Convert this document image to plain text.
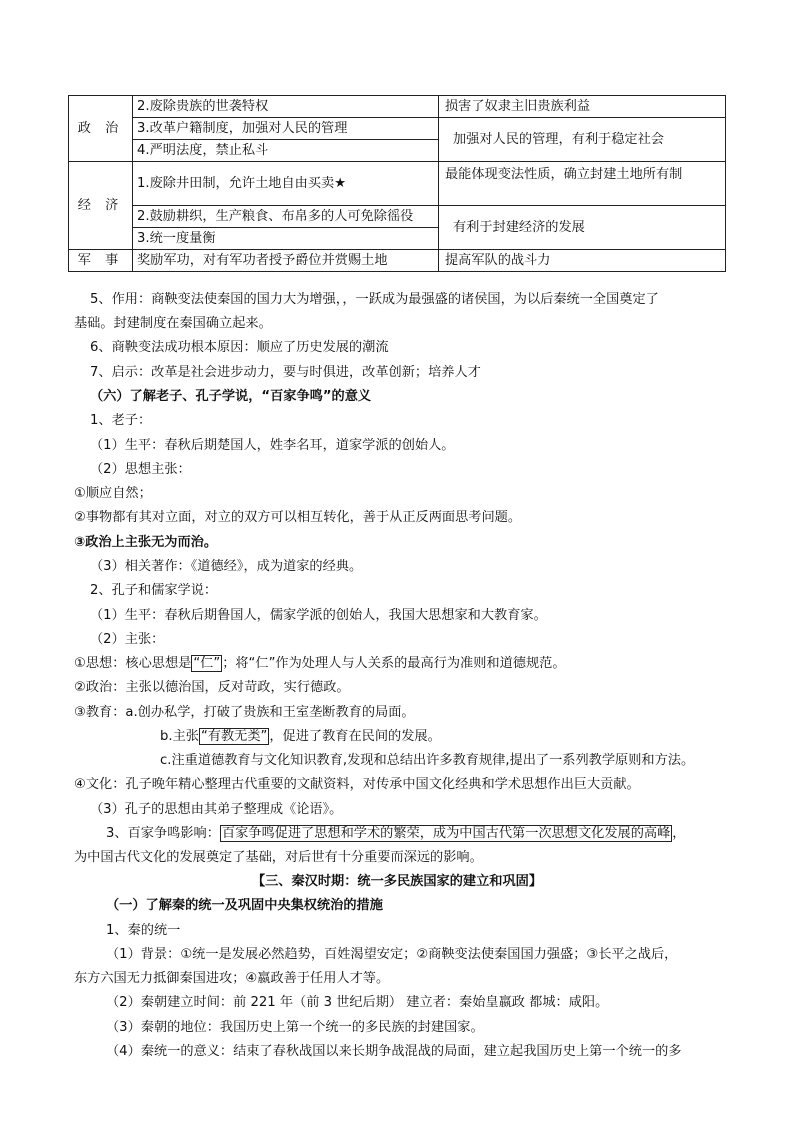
政 治	2.废除贵族的世袭特权	损害了奴隶主旧贵族利益
	3.改革户籍制度，加强对人民的管理	加强对人民的管理，有利于稳定社会
	4.严明法度，禁止私斗	
经 济	1.废除井田制，允许土地自由买卖★	最能体现变法性质，确立封建土地所有制
	2.鼓励耕织，生产粮食、布帛多的人可免除徭役	有利于封建经济的发展
	3.统一度量衡	
军 事	奖励军功，对有军功者授予爵位并赏赐土地	提高军队的战斗力
5、作用：商鞅变法使秦国的国力大为增强，，一跃成为最强盛的诸侯国，为以后秦统一全国奠定了
基础。封建制度在秦国确立起来。
6、商鞅变法成功根本原因：顺应了历史发展的潮流
7、启示：改革是社会进步动力，要与时俱进，改革创新；培养人才
（六）了解老子、孔子学说，“百家争鸣”的意义
1、老子：
（1）生平：春秋后期楚国人，姓李名耳，道家学派的创始人。
（2）思想主张：
①顺应自然；
②事物都有其对立面，对立的双方可以相互转化，善于从正反两面思考问题。
③政治上主张无为而治。
（3）相关著作：《道德经》，成为道家的经典。
2、孔子和儒家学说：
（1）生平：春秋后期鲁国人，儒家学派的创始人，我国大思想家和大教育家。
（2）主张：
①思想：核心思想是 “仁” ；将“仁”作为处理人与人关系的最高行为准则和道德规范。
②政治：主张以德治国，反对苛政，实行德政。
③教育：a.创办私学，打破了贵族和王室垄断教育的局面。
b.主张 “有教无类” ，促进了教育在民间的发展。
c.注重道德教育与文化知识教育,发现和总结出许多教育规律,提出了一系列教学原则和方法。
④文化：孔子晚年精心整理古代重要的文献资料，对传承中国文化经典和学术思想作出巨大贡献。
（3）孔子的思想由其弟子整理成《论语》。
3、百家争鸣影响： 百家争鸣促进了思想和学术的繁荣，成为中国古代第一次思想文化发展的高峰 ，
为中国古代文化的发展奠定了基础，对后世有十分重要而深远的影响。
【三、秦汉时期：统一多民族国家的建立和巩固】
（一）了解秦的统一及巩固中央集权统治的措施
1、秦的统一
（1）背景：①统一是发展必然趋势，百姓渴望安定；②商鞅变法使秦国国力强盛；③长平之战后，
东方六国无力抵御秦国进攻；④嬴政善于任用人才等。
（2）秦朝建立时间：前 221 年（前 3 世纪后期） 建立者：秦始皇嬴政 都城：咸阳。
（3）秦朝的地位：我国历史上第一个统一的多民族的封建国家。
（4）秦统一的意义：结束了春秋战国以来长期争战混战的局面，建立起我国历史上第一个统一的多
